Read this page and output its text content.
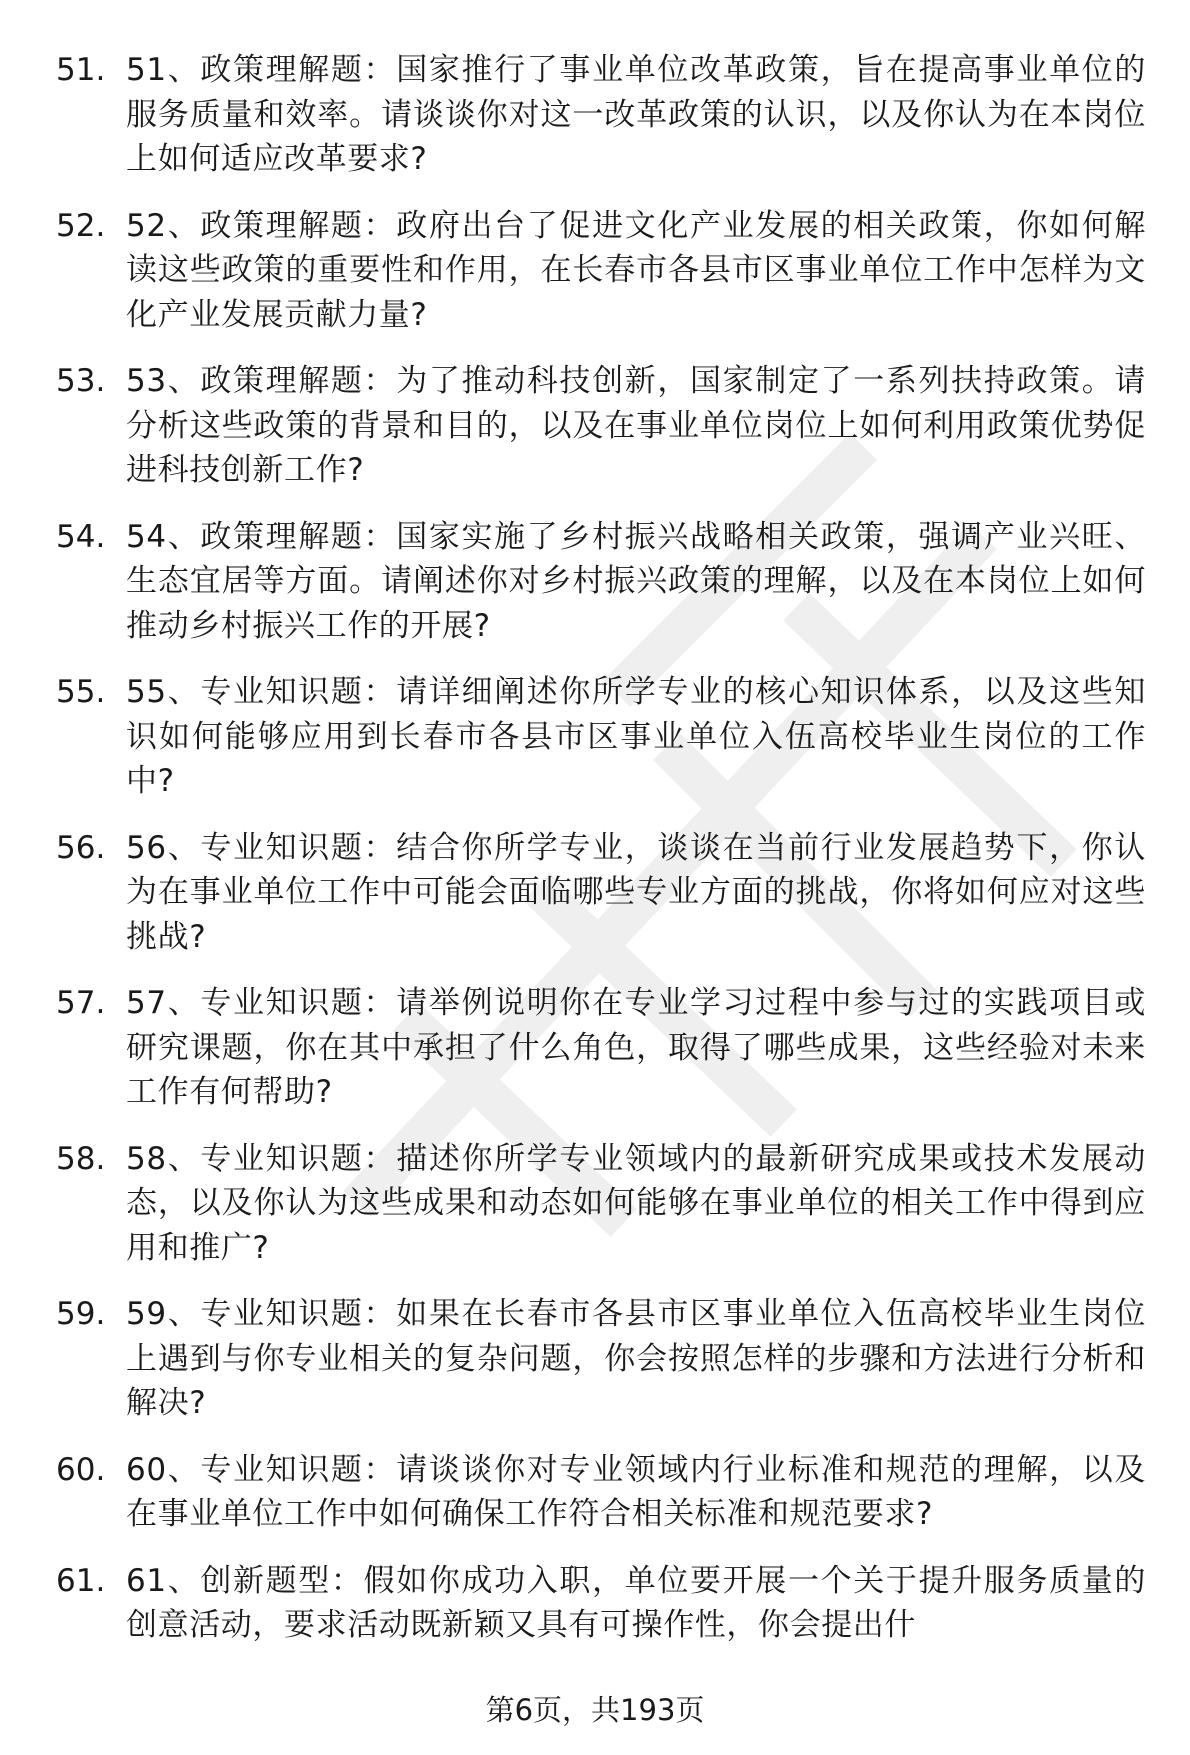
51. 51、政策理解题：国家推行了事业单位改革政策，旨在提高事业单位的服务质量和效率。请谈谈你对这一改革政策的认识，以及你认为在本岗位上如何适应改革要求?
52. 52、政策理解题：政府出台了促进文化产业发展的相关政策，你如何解读这些政策的重要性和作用，在长春市各县市区事业单位工作中怎样为文化产业发展贡献力量?
53. 53、政策理解题：为了推动科技创新，国家制定了一系列扶持政策。请分析这些政策的背景和目的，以及在事业单位岗位上如何利用政策优势促进科技创新工作?
54. 54、政策理解题：国家实施了乡村振兴战略相关政策，强调产业兴旺、生态宜居等方面。请阐述你对乡村振兴政策的理解，以及在本岗位上如何推动乡村振兴工作的开展?
55. 55、专业知识题：请详细阐述你所学专业的核心知识体系，以及这些知识如何能够应用到长春市各县市区事业单位入伍高校毕业生岗位的工作中?
56. 56、专业知识题：结合你所学专业，谈谈在当前行业发展趋势下，你认为在事业单位工作中可能会面临哪些专业方面的挑战，你将如何应对这些挑战?
57. 57、专业知识题：请举例说明你在专业学习过程中参与过的实践项目或研究课题，你在其中承担了什么角色，取得了哪些成果，这些经验对未来工作有何帮助?
58. 58、专业知识题：描述你所学专业领域内的最新研究成果或技术发展动态，以及你认为这些成果和动态如何能够在事业单位的相关工作中得到应用和推广?
59. 59、专业知识题：如果在长春市各县市区事业单位入伍高校毕业生岗位上遇到与你专业相关的复杂问题，你会按照怎样的步骤和方法进行分析和解决?
60. 60、专业知识题：请谈谈你对专业领域内行业标准和规范的理解，以及在事业单位工作中如何确保工作符合相关标准和规范要求?
61. 61、创新题型：假如你成功入职，单位要开展一个关于提升服务质量的创意活动，要求活动既新颖又具有可操作性，你会提出什
第6页，共193页
